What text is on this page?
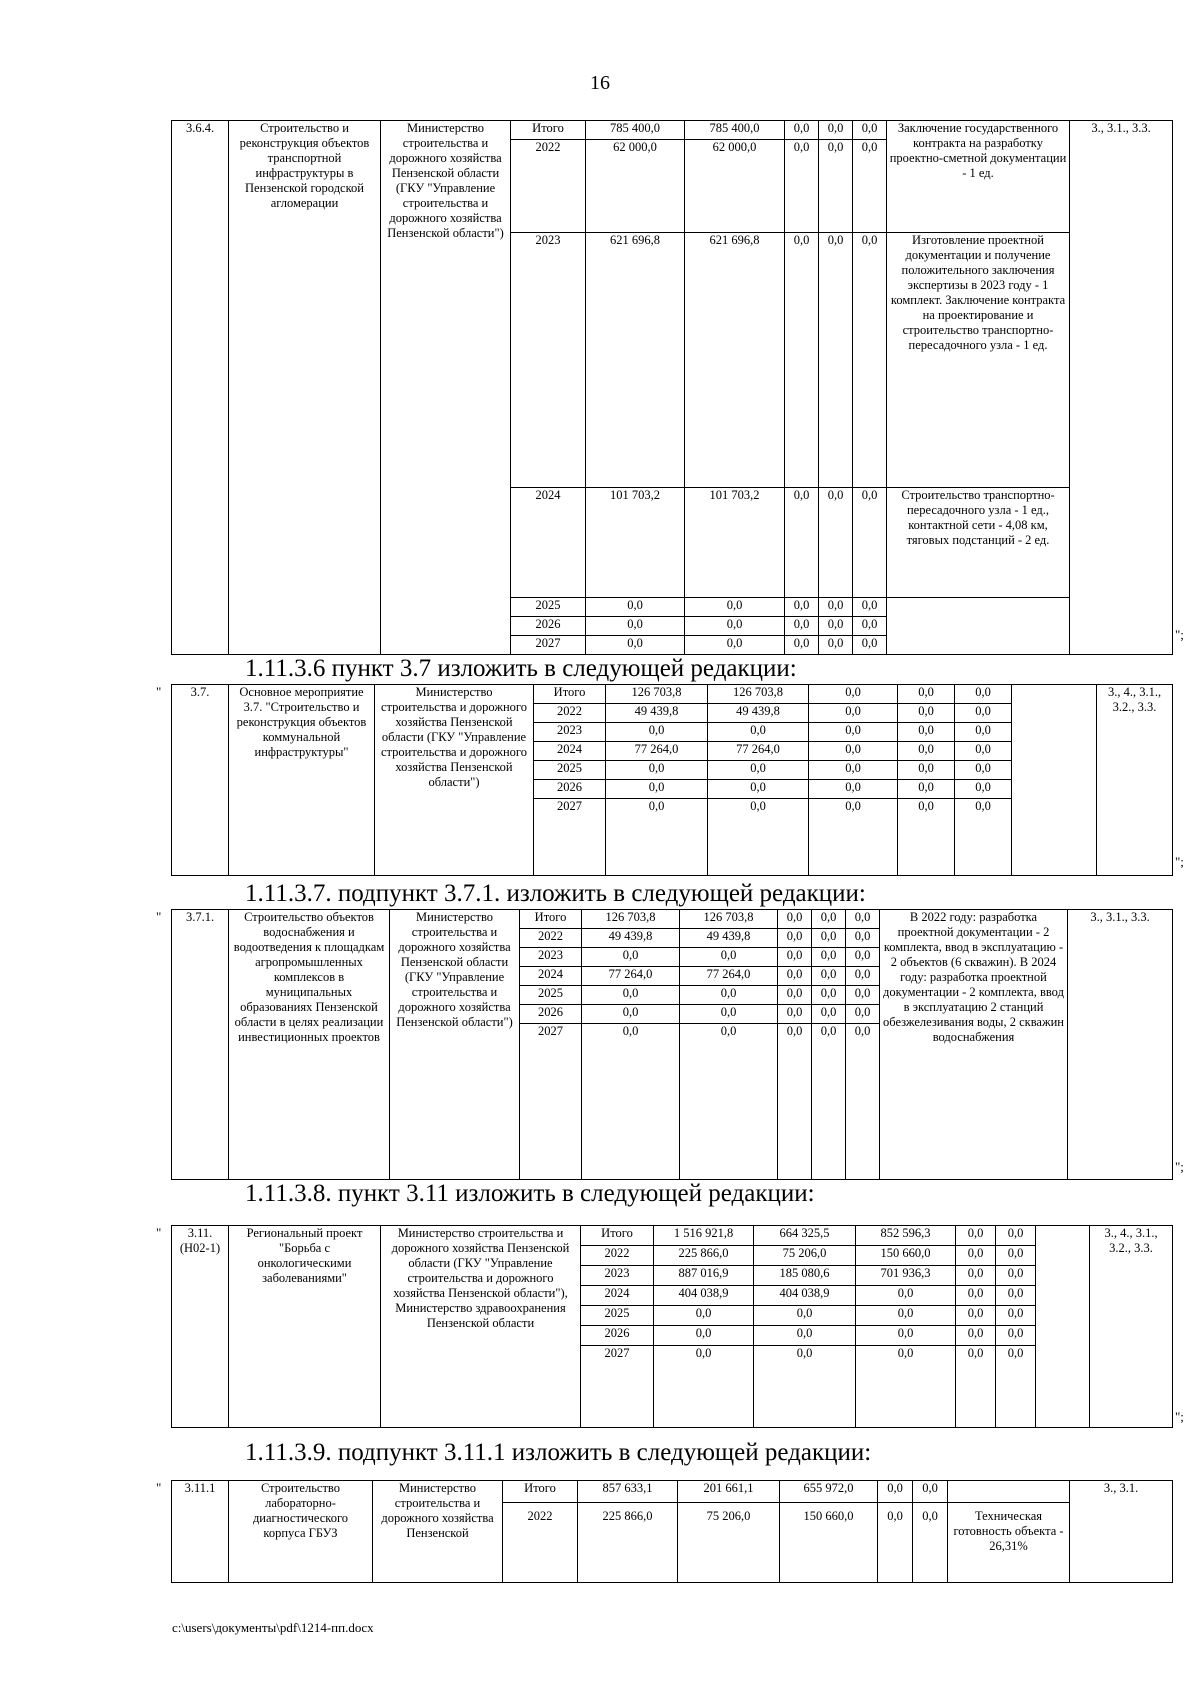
16
3.6.4.	Строительство и реконструкция объектов транспортной инфраструктуры в Пензенской городской агломерации	Министерство строительства и дорожного хозяйства Пензенской области (ГКУ "Управление строительства и дорожного хозяйства Пензенской области")	Итого	785 400,0	785 400,0	0,0	0,0	0,0	Заключение государственного контракта на разработку проектно-сметной документации - 1 ед.	3., 3.1., 3.3.
			2022	62 000,0	62 000,0	0,0	0,0	0,0		
			2023	621 696,8	621 696,8	0,0	0,0	0,0	Изготовление проектной документации и получение положительного заключения экспертизы в 2023 году - 1 комплект. Заключение контракта на проектирование и строительство транспортно-пересадочного узла - 1 ед.	
			2024	101 703,2	101 703,2	0,0	0,0	0,0	Строительство транспортно-пересадочного узла - 1 ед., контактной сети - 4,08 км, тяговых подстанций - 2 ед.	
			2025	0,0	0,0	0,0	0,0	0,0		
			2026	0,0	0,0	0,0	0,0	0,0		
			2027	0,0	0,0	0,0	0,0	0,0		
";
1.11.3.6 пункт 3.7 изложить в следующей редакции:
" 3.7.	Основное мероприятие 3.7. "Строительство и реконструкция объектов коммунальной инфраструктуры"	Министерство строительства и дорожного хозяйства Пензенской области (ГКУ "Управление строительства и дорожного хозяйства Пензенской области")	Итого	126 703,8	126 703,8	0,0	0,0	0,0		3., 4., 3.1., 3.2., 3.3.
			2022	49 439,8	49 439,8	0,0	0,0	0,0		
			2023	0,0	0,0	0,0	0,0	0,0		
			2024	77 264,0	77 264,0	0,0	0,0	0,0		
			2025	0,0	0,0	0,0	0,0	0,0		
			2026	0,0	0,0	0,0	0,0	0,0		
			2027	0,0	0,0	0,0	0,0	0,0		
";
1.11.3.7. подпункт 3.7.1. изложить в следующей редакции:
" 3.7.1.	Строительство объектов водоснабжения и водоотведения к площадкам агропромышленных комплексов в муниципальных образованиях Пензенской области в целях реализации инвестиционных проектов	Министерство строительства и дорожного хозяйства Пензенской области (ГКУ "Управление строительства и дорожного хозяйства Пензенской области")	Итого	126 703,8	126 703,8	0,0	0,0	0,0	В 2022 году: разработка проектной документации - 2 комплекта, ввод в эксплуатацию - 2 объектов (6 скважин). В 2024 году: разработка проектной документации - 2 комплекта, ввод в эксплуатацию 2 станций обезжелезивания воды, 2 скважин водоснабжения	3., 3.1., 3.3.
			2022	49 439,8	49 439,8	0,0	0,0	0,0		
			2023	0,0	0,0	0,0	0,0	0,0		
			2024	77 264,0	77 264,0	0,0	0,0	0,0		
			2025	0,0	0,0	0,0	0,0	0,0		
			2026	0,0	0,0	0,0	0,0	0,0		
			2027	0,0	0,0	0,0	0,0	0,0		
";
1.11.3.8. пункт 3.11 изложить в следующей редакции:
" 3.11. (Н02-1)	Региональный проект "Борьба с онкологическими заболеваниями"	Министерство строительства и дорожного хозяйства Пензенской области (ГКУ "Управление строительства и дорожного хозяйства Пензенской области"), Министерство здравоохранения Пензенской области	Итого	1 516 921,8	664 325,5	852 596,3	0,0	0,0		3., 4., 3.1., 3.2., 3.3.
			2022	225 866,0	75 206,0	150 660,0	0,0	0,0		
			2023	887 016,9	185 080,6	701 936,3	0,0	0,0		
			2024	404 038,9	404 038,9	0,0	0,0	0,0		
			2025	0,0	0,0	0,0	0,0	0,0		
			2026	0,0	0,0	0,0	0,0	0,0		
			2027	0,0	0,0	0,0	0,0	0,0		
";
1.11.3.9. подпункт 3.11.1 изложить в следующей редакции:
" 3.11.1	Строительство лабораторно-диагностического корпуса ГБУЗ	Министерство строительства и дорожного хозяйства Пензенской	Итого	857 633,1	201 661,1	655 972,0	0,0	0,0		3., 3.1.
			2022	225 866,0	75 206,0	150 660,0	0,0	0,0	Техническая готовность объекта - 26,31%	
c:\users\документы\pdf\1214-пп.docx
